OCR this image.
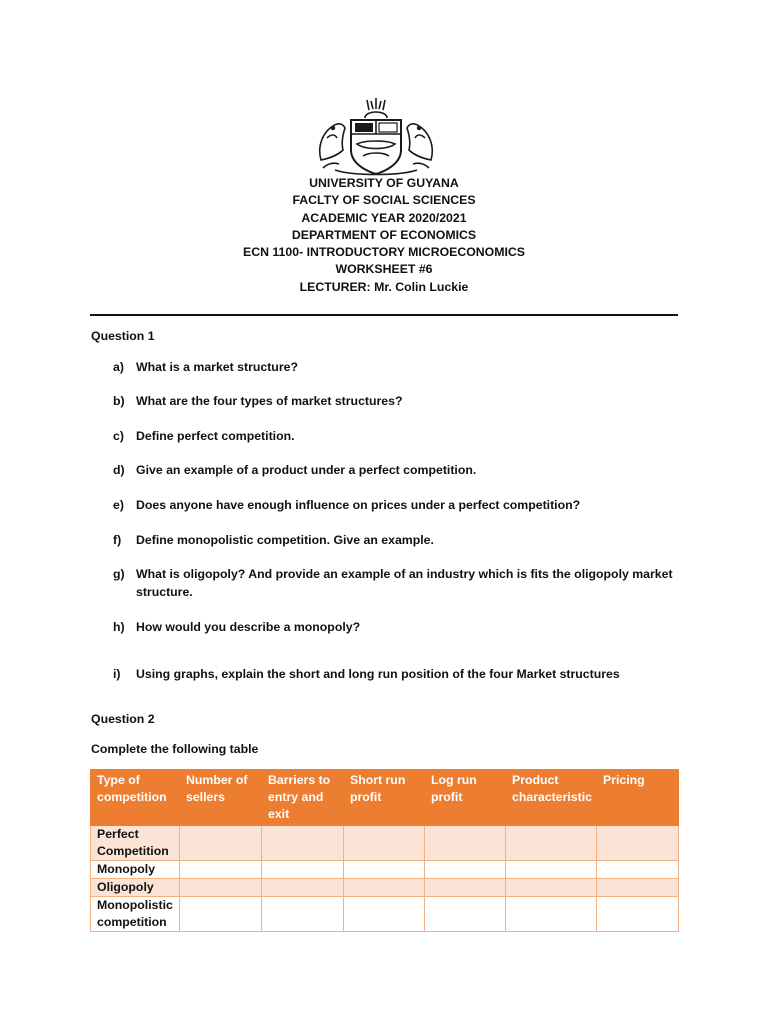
UNIVERSITY OF GUYANA
FACLTY OF SOCIAL SCIENCES
ACADEMIC YEAR 2020/2021
DEPARTMENT OF ECONOMICS
ECN 1100- INTRODUCTORY MICROECONOMICS
WORKSHEET #6
LECTURER: Mr. Colin Luckie
Question 1
a) What is a market structure?
b) What are the four types of market structures?
c) Define perfect competition.
d) Give an example of a product under a perfect competition.
e) Does anyone have enough influence on prices under a perfect competition?
f)	Define monopolistic competition. Give an example.
g) What is oligopoly? And provide an example of an industry which is fits the oligopoly market structure.
h) How would you describe a monopoly?
i)	Using graphs, explain the short and long run position of the four Market structures
Question 2
Complete the following table
Type of competition	Number of sellers	Barriers to entry and exit	Short run profit	Log run profit	Product characteristic	Pricing
Perfect Competition						
Monopoly						
Oligopoly						
Monopolistic competition						
